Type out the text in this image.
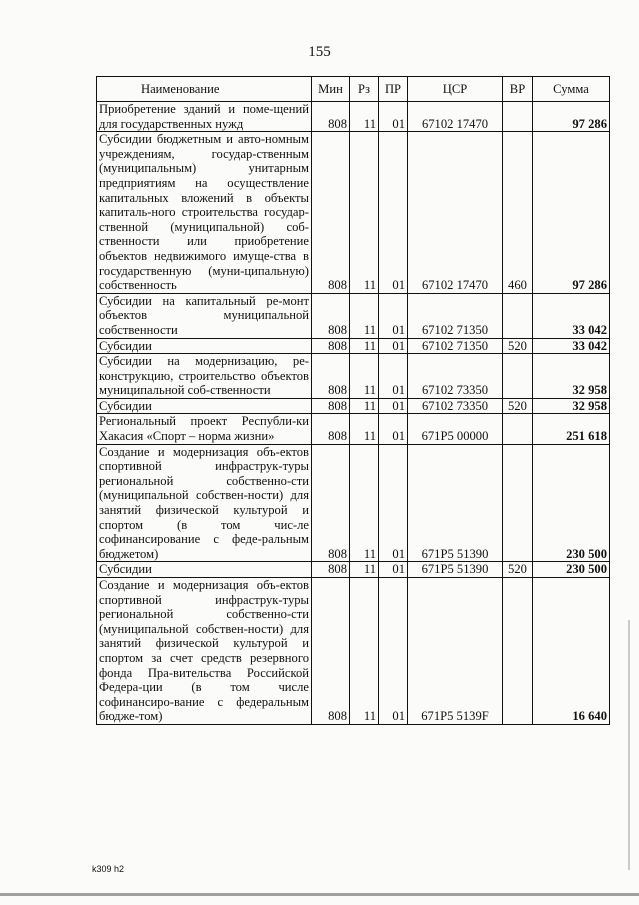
155
Наименование	Мин	Рз	ПР	ЦСР	ВР	Сумма
Приобретение зданий и поме-щений для государственных нужд	808	11	01	67102 17470		97 286
Субсидии бюджетным и авто-номным учреждениям, государ-ственным (муниципальным) унитарным предприятиям на осуществление капитальных вложений в объекты капиталь-ного строительства государ-ственной (муниципальной) соб-ственности или приобретение объектов недвижимого имуще-ства в государственную (муни-ципальную) собственность	808	11	01	67102 17470	460	97 286
Субсидии на капитальный ре-монт объектов муниципальной собственности	808	11	01	67102 71350		33 042
Субсидии	808	11	01	67102 71350	520	33 042
Субсидии на модернизацию, ре-конструкцию, строительство объектов муниципальной соб-ственности	808	11	01	67102 73350		32 958
Субсидии	808	11	01	67102 73350	520	32 958
Региональный проект Республи-ки Хакасия «Спорт – норма жизни»	808	11	01	671P5 00000		251 618
Создание и модернизация объ-ектов спортивной инфраструк-туры региональной собственно-сти (муниципальной собствен-ности) для занятий физической культурой и спортом (в том чис-ле софинансирование с феде-ральным бюджетом)	808	11	01	671P5 51390		230 500
Субсидии	808	11	01	671P5 51390	520	230 500
Создание и модернизация объ-ектов спортивной инфраструк-туры региональной собственно-сти (муниципальной собствен-ности) для занятий физической культурой и спортом за счет средств резервного фонда Пра-вительства Российской Федера-ции (в том числе софинансиро-вание с федеральным бюдже-том)	808	11	01	671P5 5139F		16 640
k309 h2
